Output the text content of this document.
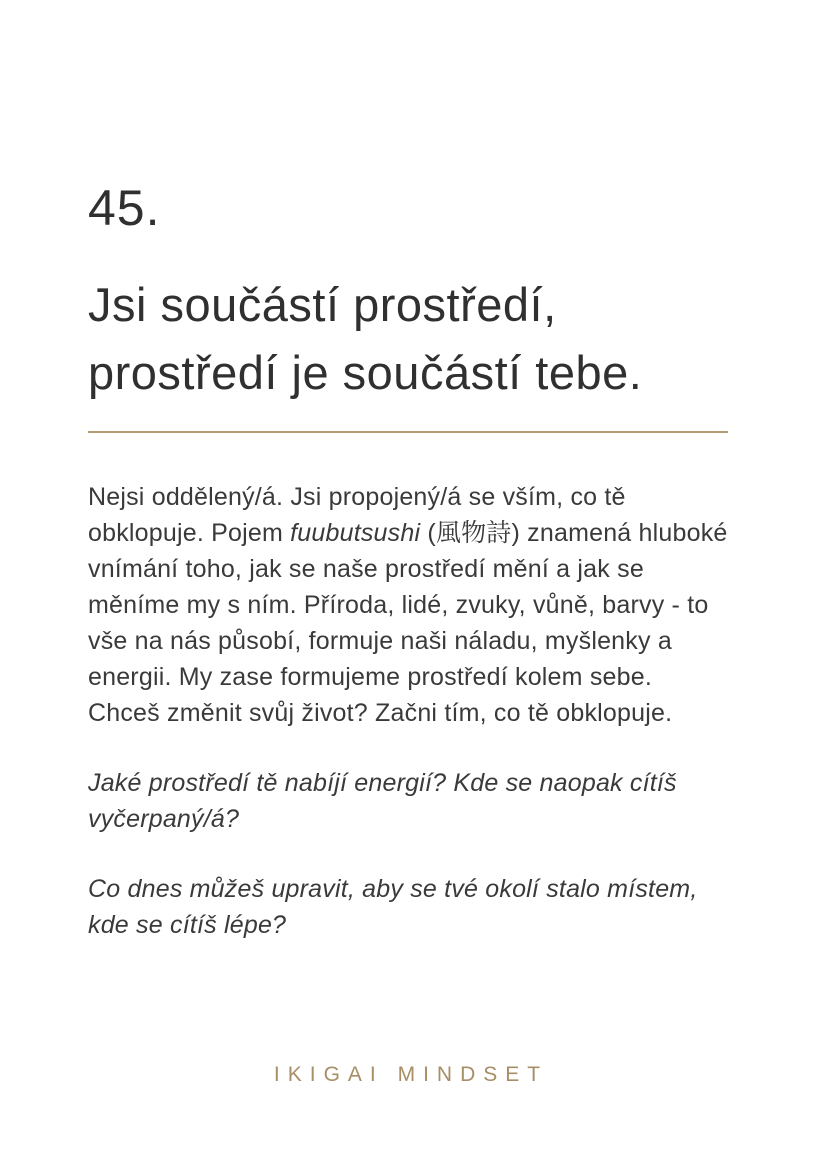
45.
Jsi součástí prostředí, prostředí je součástí tebe.

Nejsi oddělený/á. Jsi propojený/á se vším, co tě obklopuje. Pojem fuubutsushi (風物詩) znamená hluboké vnímání toho, jak se naše prostředí mění a jak se měníme my s ním. Příroda, lidé, zvuky, vůně, barvy - to vše na nás působí, formuje naši náladu, myšlenky a energii. My zase formujeme prostředí kolem sebe. Chceš změnit svůj život? Začni tím, co tě obklopuje.

Jaké prostředí tě nabíjí energií? Kde se naopak cítíš vyčerpaný/á?

Co dnes můžeš upravit, aby se tvé okolí stalo místem, kde se cítíš lépe?

IKIGAI MINDSET
